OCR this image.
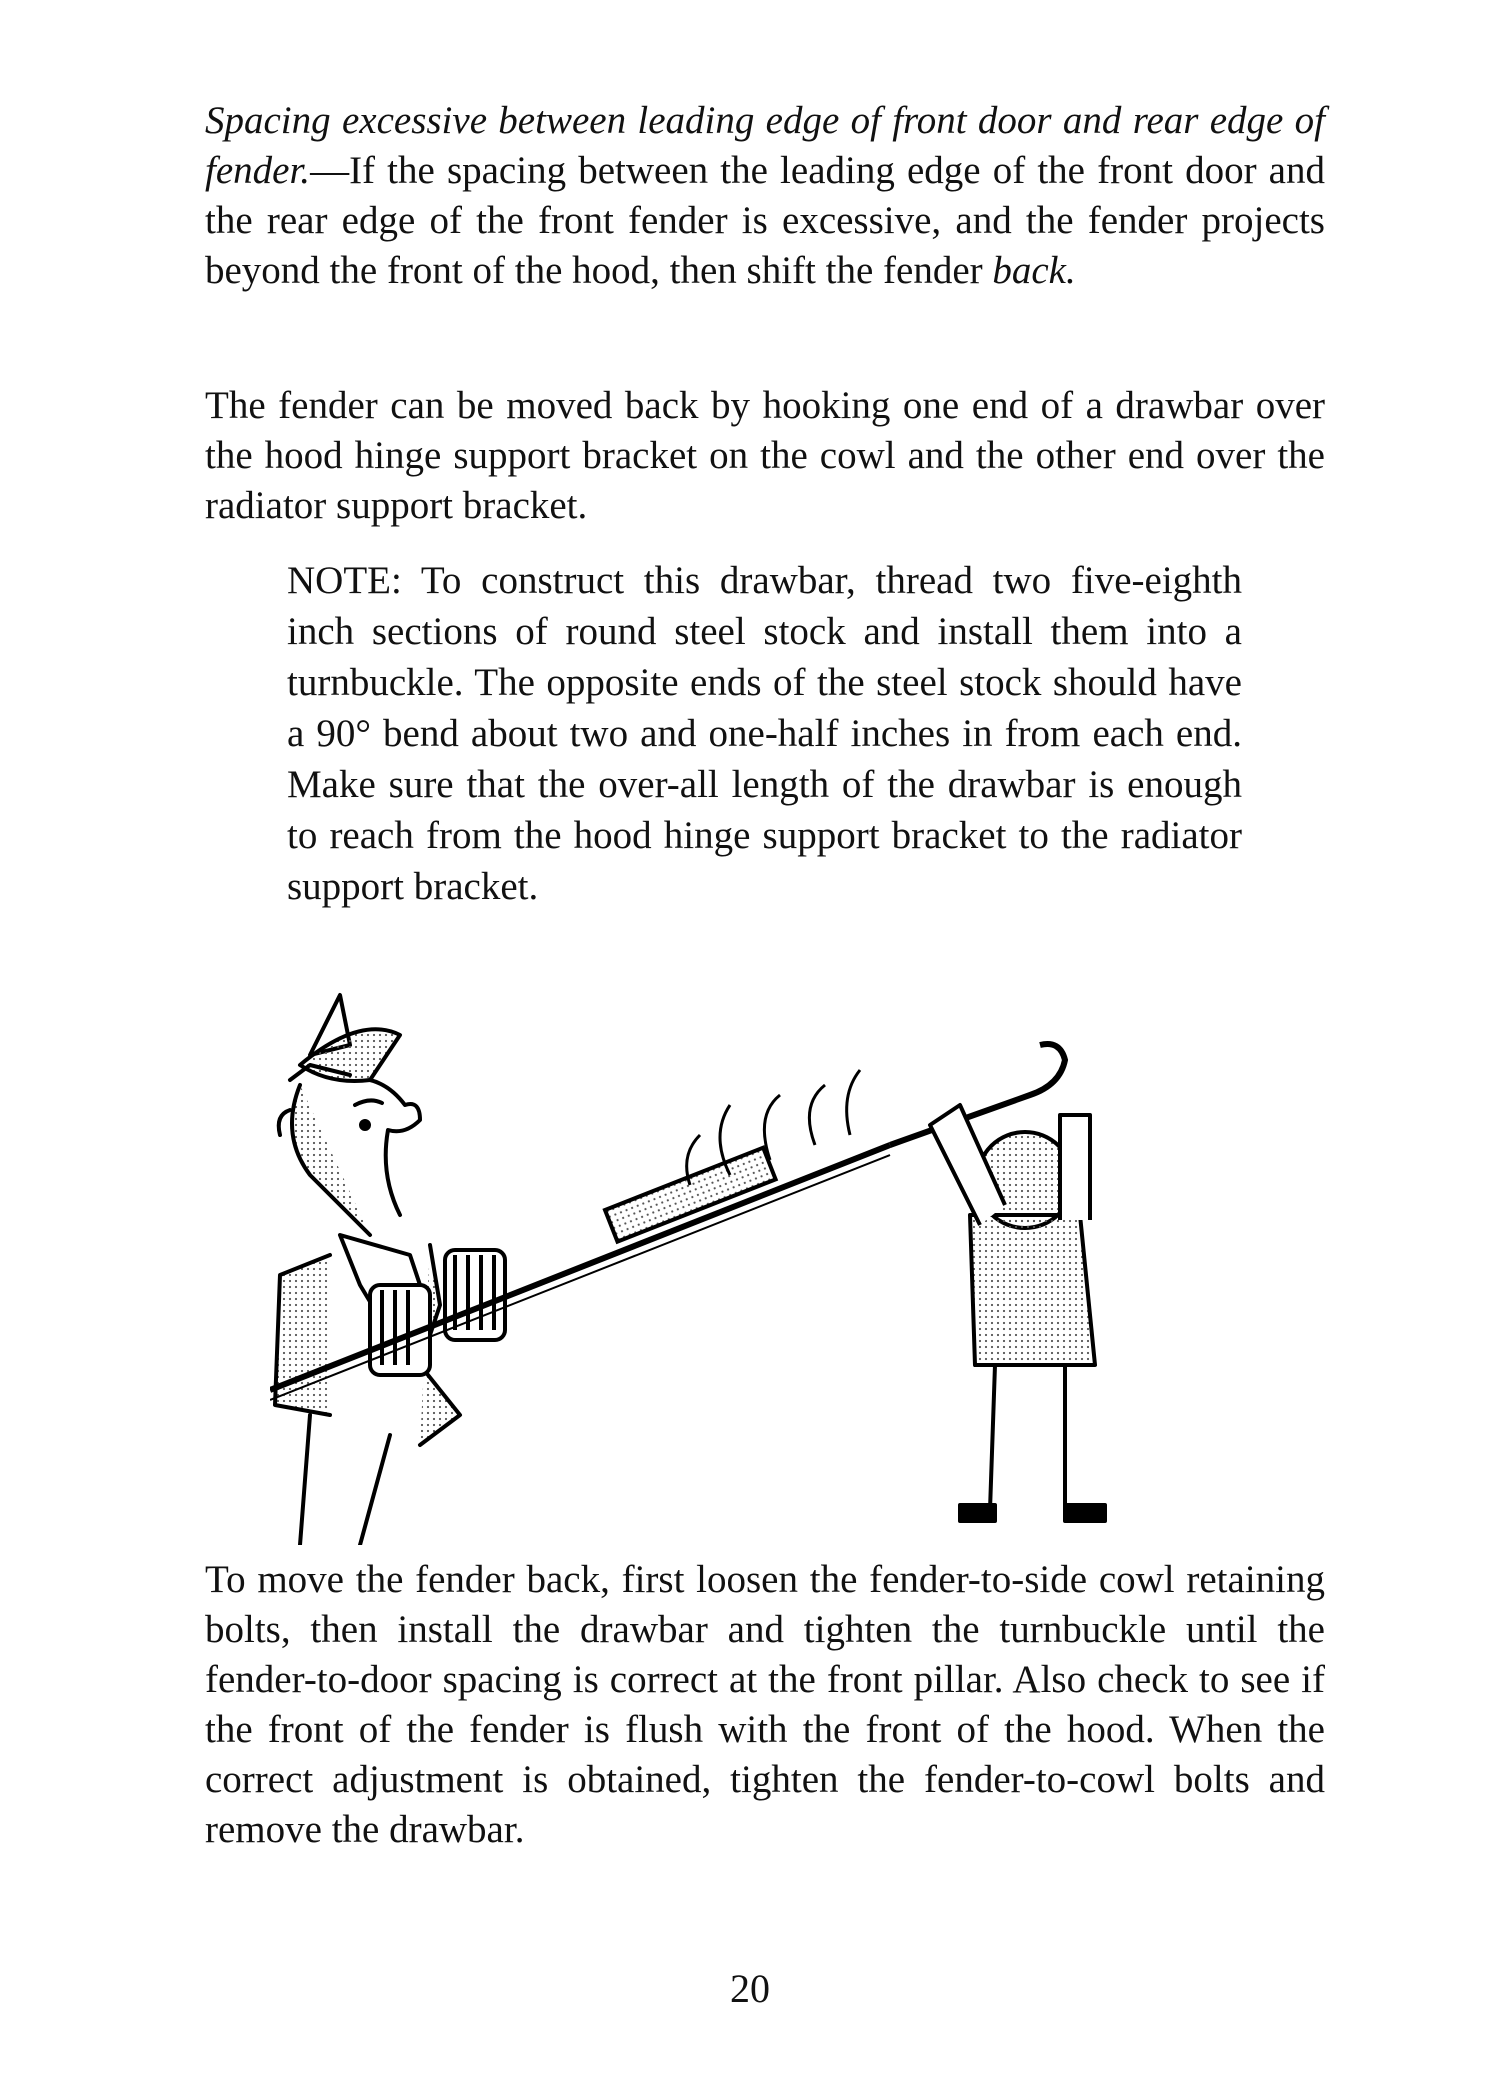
Spacing excessive between leading edge of front door and rear edge of fender.—If the spacing between the leading edge of the front door and the rear edge of the front fender is excessive, and the fender projects beyond the front of the hood, then shift the fender back.

The fender can be moved back by hooking one end of a drawbar over the hood hinge support bracket on the cowl and the other end over the radiator support bracket.

NOTE: To construct this drawbar, thread two five-eighth inch sections of round steel stock and install them into a turnbuckle. The opposite ends of the steel stock should have a 90° bend about two and one-half inches in from each end. Make sure that the over-all length of the drawbar is enough to reach from the hood hinge support bracket to the radiator support bracket.

To move the fender back, first loosen the fender-to-side cowl retaining bolts, then install the drawbar and tighten the turnbuckle until the fender-to-door spacing is correct at the front pillar. Also check to see if the front of the fender is flush with the front of the hood. When the correct adjustment is obtained, tighten the fender-to-cowl bolts and remove the drawbar.

20
